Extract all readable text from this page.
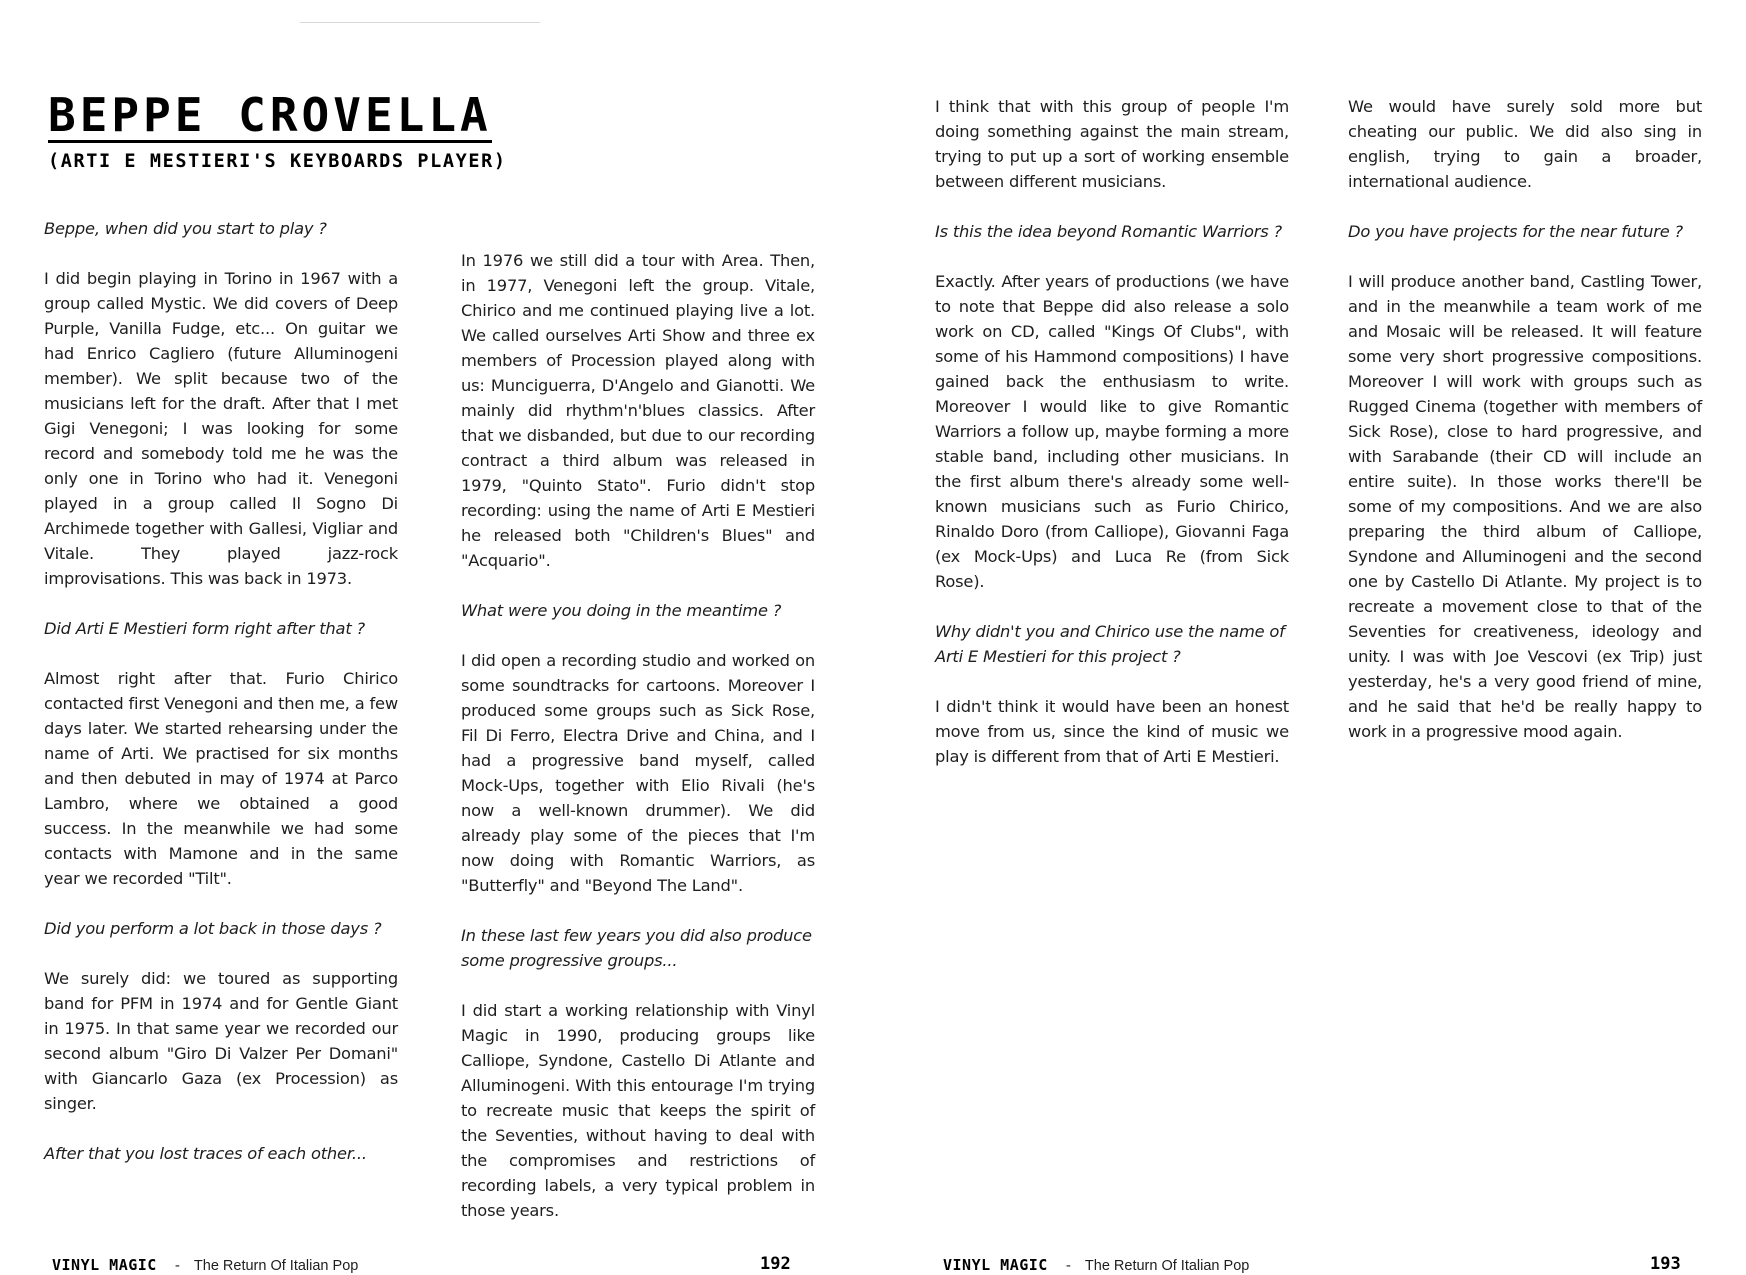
BEPPE CROVELLA
(ARTI E MESTIERI'S KEYBOARDS PLAYER)

Beppe, when did you start to play ?

I did begin playing in Torino in 1967 with a group called Mystic. We did covers of Deep Purple, Vanilla Fudge, etc... On guitar we had Enrico Cagliero (future Alluminogeni member). We split because two of the musicians left for the draft. After that I met Gigi Venegoni; I was looking for some record and somebody told me he was the only one in Torino who had it. Venegoni played in a group called Il Sogno Di Archimede together with Gallesi, Vigliar and Vitale. They played jazz-rock improvisations. This was back in 1973.

Did Arti E Mestieri form right after that ?

Almost right after that. Furio Chirico contacted first Venegoni and then me, a few days later. We started rehearsing under the name of Arti. We practised for six months and then debuted in may of 1974 at Parco Lambro, where we obtained a good success. In the meanwhile we had some contacts with Mamone and in the same year we recorded "Tilt".

Did you perform a lot back in those days ?

We surely did: we toured as supporting band for PFM in 1974 and for Gentle Giant in 1975. In that same year we recorded our second album "Giro Di Valzer Per Domani" with Giancarlo Gaza (ex Procession) as singer.

After that you lost traces of each other...

In 1976 we still did a tour with Area. Then, in 1977, Venegoni left the group. Vitale, Chirico and me continued playing live a lot. We called ourselves Arti Show and three ex members of Procession played along with us: Munciguerra, D'Angelo and Gianotti. We mainly did rhythm'n'blues classics. After that we disbanded, but due to our recording contract a third album was released in 1979, "Quinto Stato". Furio didn't stop recording: using the name of Arti E Mestieri he released both "Children's Blues" and "Acquario".

What were you doing in the meantime ?

I did open a recording studio and worked on some soundtracks for cartoons. Moreover I produced some groups such as Sick Rose, Fil Di Ferro, Electra Drive and China, and I had a progressive band myself, called Mock-Ups, together with Elio Rivali (he's now a well-known drummer). We did already play some of the pieces that I'm now doing with Romantic Warriors, as "Butterfly" and "Beyond The Land".

In these last few years you did also produce some progressive groups...

I did start a working relationship with Vinyl Magic in 1990, producing groups like Calliope, Syndone, Castello Di Atlante and Alluminogeni. With this entourage I'm trying to recreate music that keeps the spirit of the Seventies, without having to deal with the compromises and restrictions of recording labels, a very typical problem in those years.

I think that with this group of people I'm doing something against the main stream, trying to put up a sort of working ensemble between different musicians.

Is this the idea beyond Romantic Warriors ?

Exactly. After years of productions (we have to note that Beppe did also release a solo work on CD, called "Kings Of Clubs", with some of his Hammond compositions) I have gained back the enthusiasm to write. Moreover I would like to give Romantic Warriors a follow up, maybe forming a more stable band, including other musicians. In the first album there's already some well-known musicians such as Furio Chirico, Rinaldo Doro (from Calliope), Giovanni Faga (ex Mock-Ups) and Luca Re (from Sick Rose).

Why didn't you and Chirico use the name of Arti E Mestieri for this project ?

I didn't think it would have been an honest move from us, since the kind of music we play is different from that of Arti E Mestieri.

We would have surely sold more but cheating our public. We did also sing in english, trying to gain a broader, international audience.

Do you have projects for the near future ?

I will produce another band, Castling Tower, and in the meanwhile a team work of me and Mosaic will be released. It will feature some very short progressive compositions. Moreover I will work with groups such as Rugged Cinema (together with members of Sick Rose), close to hard progressive, and with Sarabande (their CD will include an entire suite). In those works there'll be some of my compositions. And we are also preparing the third album of Calliope, Syndone and Alluminogeni and the second one by Castello Di Atlante. My project is to recreate a movement close to that of the Seventies for creativeness, ideology and unity. I was with Joe Vescovi (ex Trip) just yesterday, he's a very good friend of mine, and he said that he'd be really happy to work in a progressive mood again.

VINYL MAGIC - The Return Of Italian Pop	192	VINYL MAGIC - The Return Of Italian Pop	193
